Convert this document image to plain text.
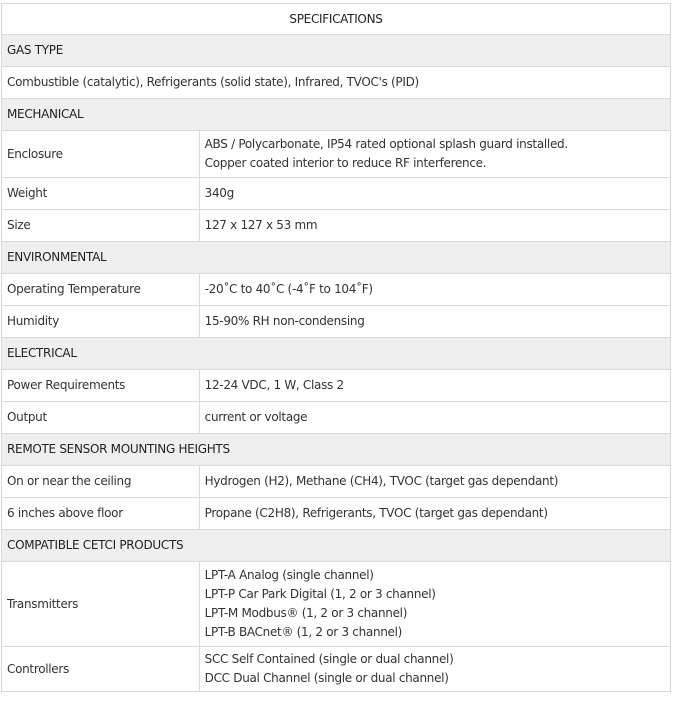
SPECIFICATIONS	
GAS TYPE	
Combustible (catalytic), Refrigerants (solid state), Infrared, TVOC's (PID)	
MECHANICAL	
Enclosure	ABS / Polycarbonate, IP54 rated optional splash guard installed.
Copper coated interior to reduce RF interference.

Weight	340g
Size	127 x 127 x 53 mm
ENVIRONMENTAL	
Operating Temperature	-20˚C to 40˚C (-4˚F to 104˚F)
Humidity	15-90% RH non-condensing
ELECTRICAL	
Power Requirements	12-24 VDC, 1 W, Class 2
Output	current or voltage
REMOTE SENSOR MOUNTING HEIGHTS	
On or near the ceiling	Hydrogen (H2), Methane (CH4), TVOC (target gas dependant)
6 inches above floor	Propane (C2H8), Refrigerants, TVOC (target gas dependant)
COMPATIBLE CETCI PRODUCTS	
Transmitters	LPT-A Analog (single channel)
LPT-P Car Park Digital (1, 2 or 3 channel)
LPT-M Modbus® (1, 2 or 3 channel)
LPT-B BACnet® (1, 2 or 3 channel)

Controllers	SCC Self Contained (single or dual channel)
DCC Dual Channel (single or dual channel)
